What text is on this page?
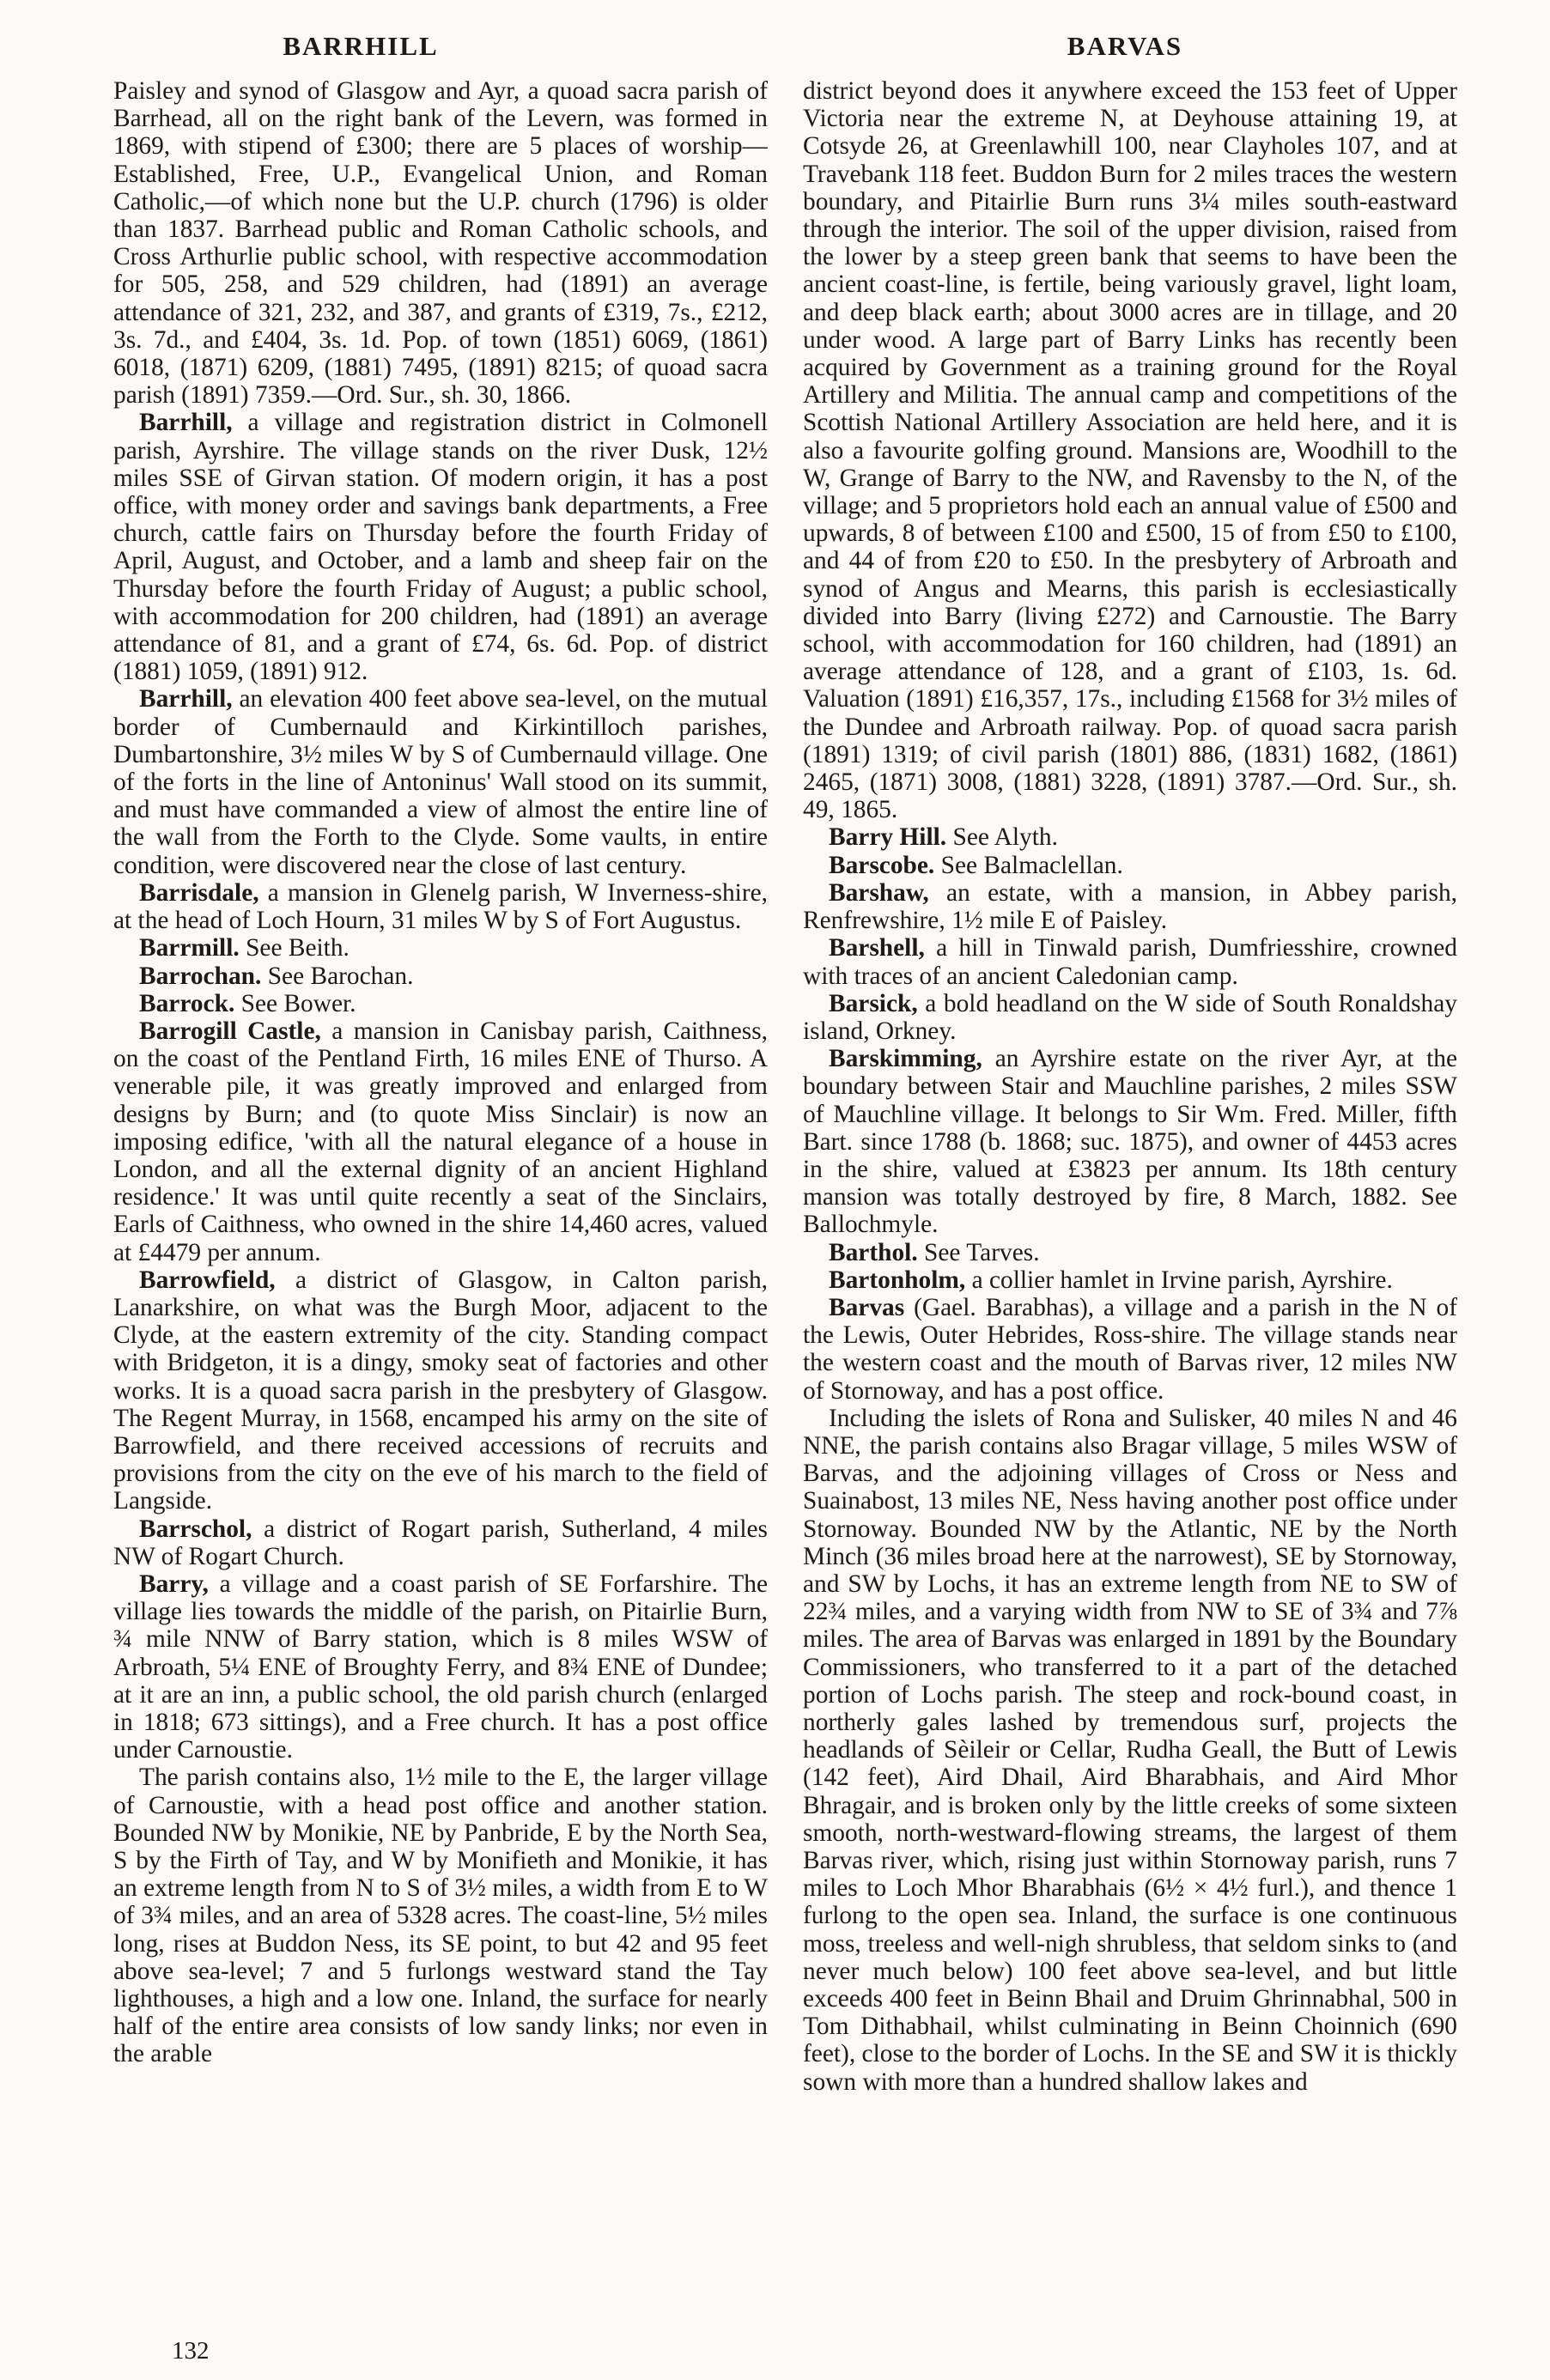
BARRHILL	BARVAS

Paisley and synod of Glasgow and Ayr, a quoad sacra parish of Barrhead, all on the right bank of the Levern, was formed in 1869, with stipend of £300; there are 5 places of worship—Established, Free, U.P., Evangelical Union, and Roman Catholic,—of which none but the U.P. church (1796) is older than 1837. Barrhead public and Roman Catholic schools, and Cross Arthurlie public school, with respective accommodation for 505, 258, and 529 children, had (1891) an average attendance of 321, 232, and 387, and grants of £319, 7s., £212, 3s. 7d., and £404, 3s. 1d. Pop. of town (1851) 6069, (1861) 6018, (1871) 6209, (1881) 7495, (1891) 8215; of quoad sacra parish (1891) 7359.—Ord. Sur., sh. 30, 1866.

Barrhill, a village and registration district in Colmonell parish, Ayrshire. The village stands on the river Dusk, 12½ miles SSE of Girvan station. Of modern origin, it has a post office, with money order and savings bank departments, a Free church, cattle fairs on Thursday before the fourth Friday of April, August, and October, and a lamb and sheep fair on the Thursday before the fourth Friday of August; a public school, with accommodation for 200 children, had (1891) an average attendance of 81, and a grant of £74, 6s. 6d. Pop. of district (1881) 1059, (1891) 912.

Barrhill, an elevation 400 feet above sea-level, on the mutual border of Cumbernauld and Kirkintilloch parishes, Dumbartonshire, 3½ miles W by S of Cumbernauld village. One of the forts in the line of Antoninus' Wall stood on its summit, and must have commanded a view of almost the entire line of the wall from the Forth to the Clyde. Some vaults, in entire condition, were discovered near the close of last century.

Barrisdale, a mansion in Glenelg parish, W Inverness-shire, at the head of Loch Hourn, 31 miles W by S of Fort Augustus.

Barrmill. See Beith.

Barrochan. See Barochan.

Barrock. See Bower.

Barrogill Castle, a mansion in Canisbay parish, Caithness, on the coast of the Pentland Firth, 16 miles ENE of Thurso. A venerable pile, it was greatly improved and enlarged from designs by Burn; and (to quote Miss Sinclair) is now an imposing edifice, 'with all the natural elegance of a house in London, and all the external dignity of an ancient Highland residence.' It was until quite recently a seat of the Sinclairs, Earls of Caithness, who owned in the shire 14,460 acres, valued at £4479 per annum.

Barrowfield, a district of Glasgow, in Calton parish, Lanarkshire, on what was the Burgh Moor, adjacent to the Clyde, at the eastern extremity of the city. Standing compact with Bridgeton, it is a dingy, smoky seat of factories and other works. It is a quoad sacra parish in the presbytery of Glasgow. The Regent Murray, in 1568, encamped his army on the site of Barrowfield, and there received accessions of recruits and provisions from the city on the eve of his march to the field of Langside.

Barrschol, a district of Rogart parish, Sutherland, 4 miles NW of Rogart Church.

Barry, a village and a coast parish of SE Forfarshire. The village lies towards the middle of the parish, on Pitairlie Burn, ¾ mile NNW of Barry station, which is 8 miles WSW of Arbroath, 5¼ ENE of Broughty Ferry, and 8¾ ENE of Dundee; at it are an inn, a public school, the old parish church (enlarged in 1818; 673 sittings), and a Free church. It has a post office under Carnoustie.

The parish contains also, 1½ mile to the E, the larger village of Carnoustie, with a head post office and another station. Bounded NW by Monikie, NE by Panbride, E by the North Sea, S by the Firth of Tay, and W by Monifieth and Monikie, it has an extreme length from N to S of 3½ miles, a width from E to W of 3¾ miles, and an area of 5328 acres. The coast-line, 5½ miles long, rises at Buddon Ness, its SE point, to but 42 and 95 feet above sea-level; 7 and 5 furlongs westward stand the Tay lighthouses, a high and a low one. Inland, the surface for nearly half of the entire area consists of low sandy links; nor even in the arable

district beyond does it anywhere exceed the 153 feet of Upper Victoria near the extreme N, at Deyhouse attaining 19, at Cotsyde 26, at Greenlawhill 100, near Clayholes 107, and at Travebank 118 feet. Buddon Burn for 2 miles traces the western boundary, and Pitairlie Burn runs 3¼ miles south-eastward through the interior. The soil of the upper division, raised from the lower by a steep green bank that seems to have been the ancient coast-line, is fertile, being variously gravel, light loam, and deep black earth; about 3000 acres are in tillage, and 20 under wood. A large part of Barry Links has recently been acquired by Government as a training ground for the Royal Artillery and Militia. The annual camp and competitions of the Scottish National Artillery Association are held here, and it is also a favourite golfing ground. Mansions are, Woodhill to the W, Grange of Barry to the NW, and Ravensby to the N, of the village; and 5 proprietors hold each an annual value of £500 and upwards, 8 of between £100 and £500, 15 of from £50 to £100, and 44 of from £20 to £50. In the presbytery of Arbroath and synod of Angus and Mearns, this parish is ecclesiastically divided into Barry (living £272) and Carnoustie. The Barry school, with accommodation for 160 children, had (1891) an average attendance of 128, and a grant of £103, 1s. 6d. Valuation (1891) £16,357, 17s., including £1568 for 3½ miles of the Dundee and Arbroath railway. Pop. of quoad sacra parish (1891) 1319; of civil parish (1801) 886, (1831) 1682, (1861) 2465, (1871) 3008, (1881) 3228, (1891) 3787.—Ord. Sur., sh. 49, 1865.

Barry Hill. See Alyth.

Barscobe. See Balmaclellan.

Barshaw, an estate, with a mansion, in Abbey parish, Renfrewshire, 1½ mile E of Paisley.

Barshell, a hill in Tinwald parish, Dumfriesshire, crowned with traces of an ancient Caledonian camp.

Barsick, a bold headland on the W side of South Ronaldshay island, Orkney.

Barskimming, an Ayrshire estate on the river Ayr, at the boundary between Stair and Mauchline parishes, 2 miles SSW of Mauchline village. It belongs to Sir Wm. Fred. Miller, fifth Bart. since 1788 (b. 1868; suc. 1875), and owner of 4453 acres in the shire, valued at £3823 per annum. Its 18th century mansion was totally destroyed by fire, 8 March, 1882. See Ballochmyle.

Barthol. See Tarves.

Bartonholm, a collier hamlet in Irvine parish, Ayrshire.

Barvas (Gael. Barabhas), a village and a parish in the N of the Lewis, Outer Hebrides, Ross-shire. The village stands near the western coast and the mouth of Barvas river, 12 miles NW of Stornoway, and has a post office.

Including the islets of Rona and Sulisker, 40 miles N and 46 NNE, the parish contains also Bragar village, 5 miles WSW of Barvas, and the adjoining villages of Cross or Ness and Suainabost, 13 miles NE, Ness having another post office under Stornoway. Bounded NW by the Atlantic, NE by the North Minch (36 miles broad here at the narrowest), SE by Stornoway, and SW by Lochs, it has an extreme length from NE to SW of 22¾ miles, and a varying width from NW to SE of 3¾ and 7⅞ miles. The area of Barvas was enlarged in 1891 by the Boundary Commissioners, who transferred to it a part of the detached portion of Lochs parish. The steep and rock-bound coast, in northerly gales lashed by tremendous surf, projects the headlands of Sèileir or Cellar, Rudha Geall, the Butt of Lewis (142 feet), Aird Dhail, Aird Bharabhais, and Aird Mhor Bhragair, and is broken only by the little creeks of some sixteen smooth, north-westward-flowing streams, the largest of them Barvas river, which, rising just within Stornoway parish, runs 7 miles to Loch Mhor Bharabhais (6½ × 4½ furl.), and thence 1 furlong to the open sea. Inland, the surface is one continuous moss, treeless and well-nigh shrubless, that seldom sinks to (and never much below) 100 feet above sea-level, and but little exceeds 400 feet in Beinn Bhail and Druim Ghrinnabhal, 500 in Tom Dithabhail, whilst culminating in Beinn Choinnich (690 feet), close to the border of Lochs. In the SE and SW it is thickly sown with more than a hundred shallow lakes and

132
